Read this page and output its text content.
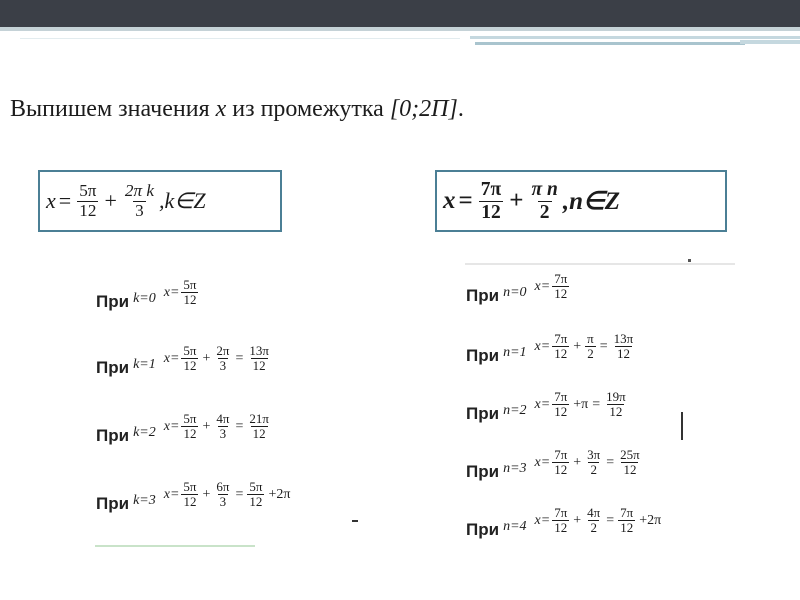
Выпишем значения x из промежутка [0;2П].
$x = \frac{5\pi}{12} + \frac{\text{2π k}}{3}$ ,k∈Z	$x = \frac{7\pi}{12} + \frac{\text{π n}}{2}$ ,n∈Z
При k=0 $x= \frac{5\pi}{12}$
При k=1 $x= \frac{5\pi}{12} + \frac{2\pi}{3} = \frac{13\pi}{12}$
При k=2 $x= \frac{5\pi}{12} + \frac{4\pi}{3} = \frac{21\pi}{12}$
При k=3 $x= \frac{5\pi}{12} + \frac{6\pi}{3} = \frac{5\pi}{12} +2\pi$
При n=0 $x= \frac{7\pi}{12}$
При n=1 $x= \frac{7\pi}{12} + \frac{\pi}{2} = \frac{13\pi}{12}$
При n=2 $x= \frac{7\pi}{12} +\pi = \frac{19\pi}{12}$
При n=3 $x= \frac{7\pi}{12} + \frac{3\pi}{2} = \frac{25\pi}{12}$
При n=4 $x= \frac{7\pi}{12} + \frac{4\pi}{2} = \frac{7\pi}{12} +2\pi$
